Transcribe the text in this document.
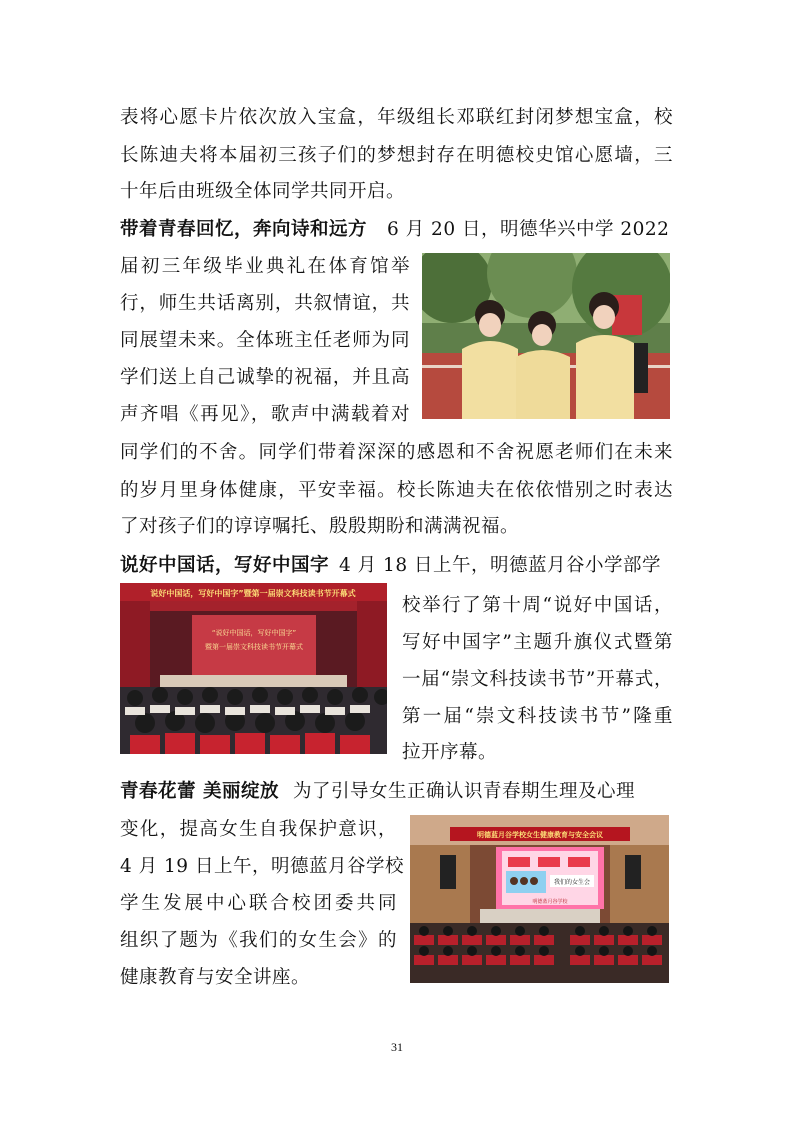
表将心愿卡片依次放入宝盒，年级组长邓联红封闭梦想宝盒，校
长陈迪夫将本届初三孩子们的梦想封存在明德校史馆心愿墙，三
十年后由班级全体同学共同开启。
带着青春回忆，奔向诗和远方 6 月 20 日，明德华兴中学 2022
届初三年级毕业典礼在体育馆举
行，师生共话离别，共叙情谊，共
同展望未来。全体班主任老师为同
学们送上自己诚挚的祝福，并且高
声齐唱《再见》，歌声中满载着对
同学们的不舍。同学们带着深深的感恩和不舍祝愿老师们在未来
的岁月里身体健康，平安幸福。校长陈迪夫在依依惜别之时表达
了对孩子们的谆谆嘱托、殷殷期盼和满满祝福。
说好中国话，写好中国字 4 月 18 日上午，明德蓝月谷小学部学
校举行了第十周“说好中国话，
写好中国字”主题升旗仪式暨第
一届“崇文科技读书节”开幕式，
第一届“崇文科技读书节”隆重
拉开序幕。
说好中国话，写好中国字”暨第一届崇文科技读书节开幕式
“说好中国话，写好中国字”
暨第一届崇文科技读书节开幕式
青春花蕾 美丽绽放 为了引导女生正确认识青春期生理及心理
变化，提高女生自我保护意识，
4 月 19 日上午，明德蓝月谷学校
学生发展中心联合校团委共同
组织了题为《我们的女生会》的
健康教育与安全讲座。
明德蓝月谷学校女生健康教育与安全会议
我们的女生会
明德蓝月谷学校
31
